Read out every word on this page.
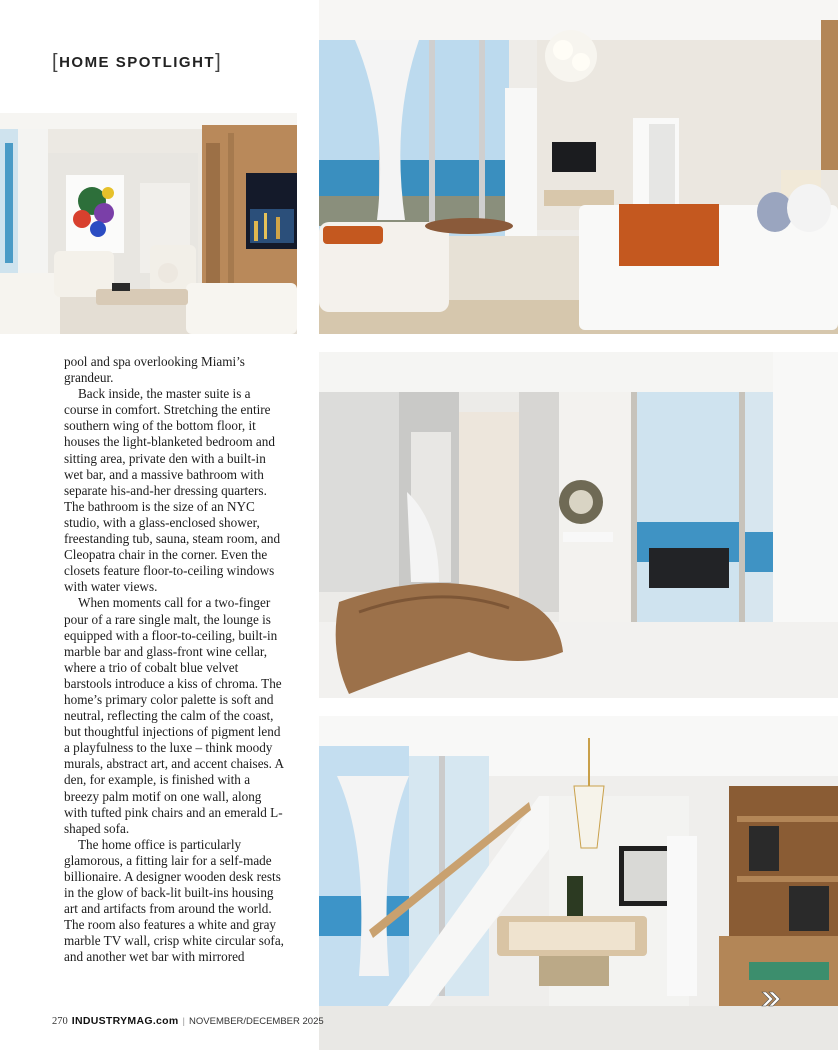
[HOME SPOTLIGHT]

pool and spa overlooking Miami’s grandeur.

Back inside, the master suite is a course in comfort. Stretching the entire southern wing of the bottom floor, it houses the light-blanketed bedroom and sitting area, private den with a built-in wet bar, and a massive bathroom with separate his-and-her dressing quarters. The bathroom is the size of an NYC studio, with a glass-enclosed shower, freestanding tub, sauna, steam room, and Cleopatra chair in the corner. Even the closets feature floor-to-ceiling windows with water views.

When moments call for a two-finger pour of a rare single malt, the lounge is equipped with a floor-to-ceiling, built-in marble bar and glass-front wine cellar, where a trio of cobalt blue velvet barstools introduce a kiss of chroma. The home’s primary color palette is soft and neutral, reflecting the calm of the coast, but thoughtful injections of pigment lend a playfulness to the luxe – think moody murals, abstract art, and accent chaises. A den, for example, is finished with a breezy palm motif on one wall, along with tufted pink chairs and an emerald L-shaped sofa.

The home office is particularly glamorous, a fitting lair for a self-made billionaire. A designer wooden desk rests in the glow of back-lit built-ins housing art and artifacts from around the world. The room also features a white and gray marble TV wall, crisp white circular sofa, and another wet bar with mirrored

270 INDUSTRYMAG.com | NOVEMBER/DECEMBER 2025
